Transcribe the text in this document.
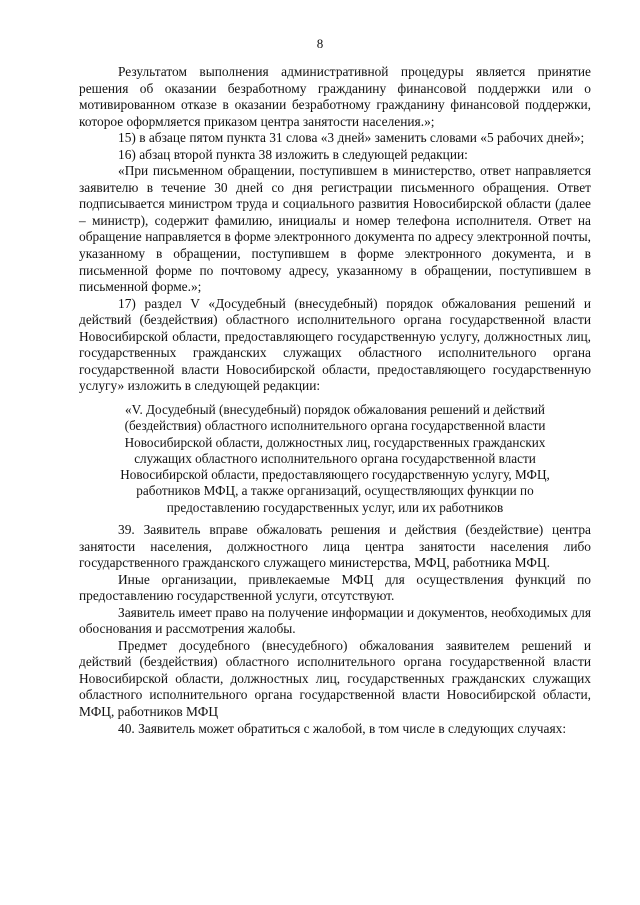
8

Результатом выполнения административной процедуры является принятие решения об оказании безработному гражданину финансовой поддержки или о мотивированном отказе в оказании безработному гражданину финансовой поддержки, которое оформляется приказом центра занятости населения.»;

15) в абзаце пятом пункта 31 слова «3 дней» заменить словами «5 рабочих дней»;

16) абзац второй пункта 38 изложить в следующей редакции:

«При письменном обращении, поступившем в министерство, ответ направляется заявителю в течение 30 дней со дня регистрации письменного обращения. Ответ подписывается министром труда и социального развития Новосибирской области (далее – министр), содержит фамилию, инициалы и номер телефона исполнителя. Ответ на обращение направляется в форме электронного документа по адресу электронной почты, указанному в обращении, поступившем в форме электронного документа, и в письменной форме по почтовому адресу, указанному в обращении, поступившем в письменной форме.»;

17) раздел V «Досудебный (внесудебный) порядок обжалования решений и действий (бездействия) областного исполнительного органа государственной власти Новосибирской области, предоставляющего государственную услугу, должностных лиц, государственных гражданских служащих областного исполнительного органа государственной власти Новосибирской области, предоставляющего государственную услугу» изложить в следующей редакции:

«V. Досудебный (внесудебный) порядок обжалования решений и действий
(бездействия) областного исполнительного органа государственной власти
Новосибирской области, должностных лиц, государственных гражданских
служащих областного исполнительного органа государственной власти
Новосибирской области, предоставляющего государственную услугу, МФЦ,
работников МФЦ, а также организаций, осуществляющих функции по
предоставлению государственных услуг, или их работников

39. Заявитель вправе обжаловать решения и действия (бездействие) центра занятости населения, должностного лица центра занятости населения либо государственного гражданского служащего министерства, МФЦ, работника МФЦ.

Иные организации, привлекаемые МФЦ для осуществления функций по предоставлению государственной услуги, отсутствуют.

Заявитель имеет право на получение информации и документов, необходимых для обоснования и рассмотрения жалобы.

Предмет досудебного (внесудебного) обжалования заявителем решений и действий (бездействия) областного исполнительного органа государственной власти Новосибирской области, должностных лиц, государственных гражданских служащих областного исполнительного органа государственной власти Новосибирской области, МФЦ, работников МФЦ

40. Заявитель может обратиться с жалобой, в том числе в следующих случаях:
